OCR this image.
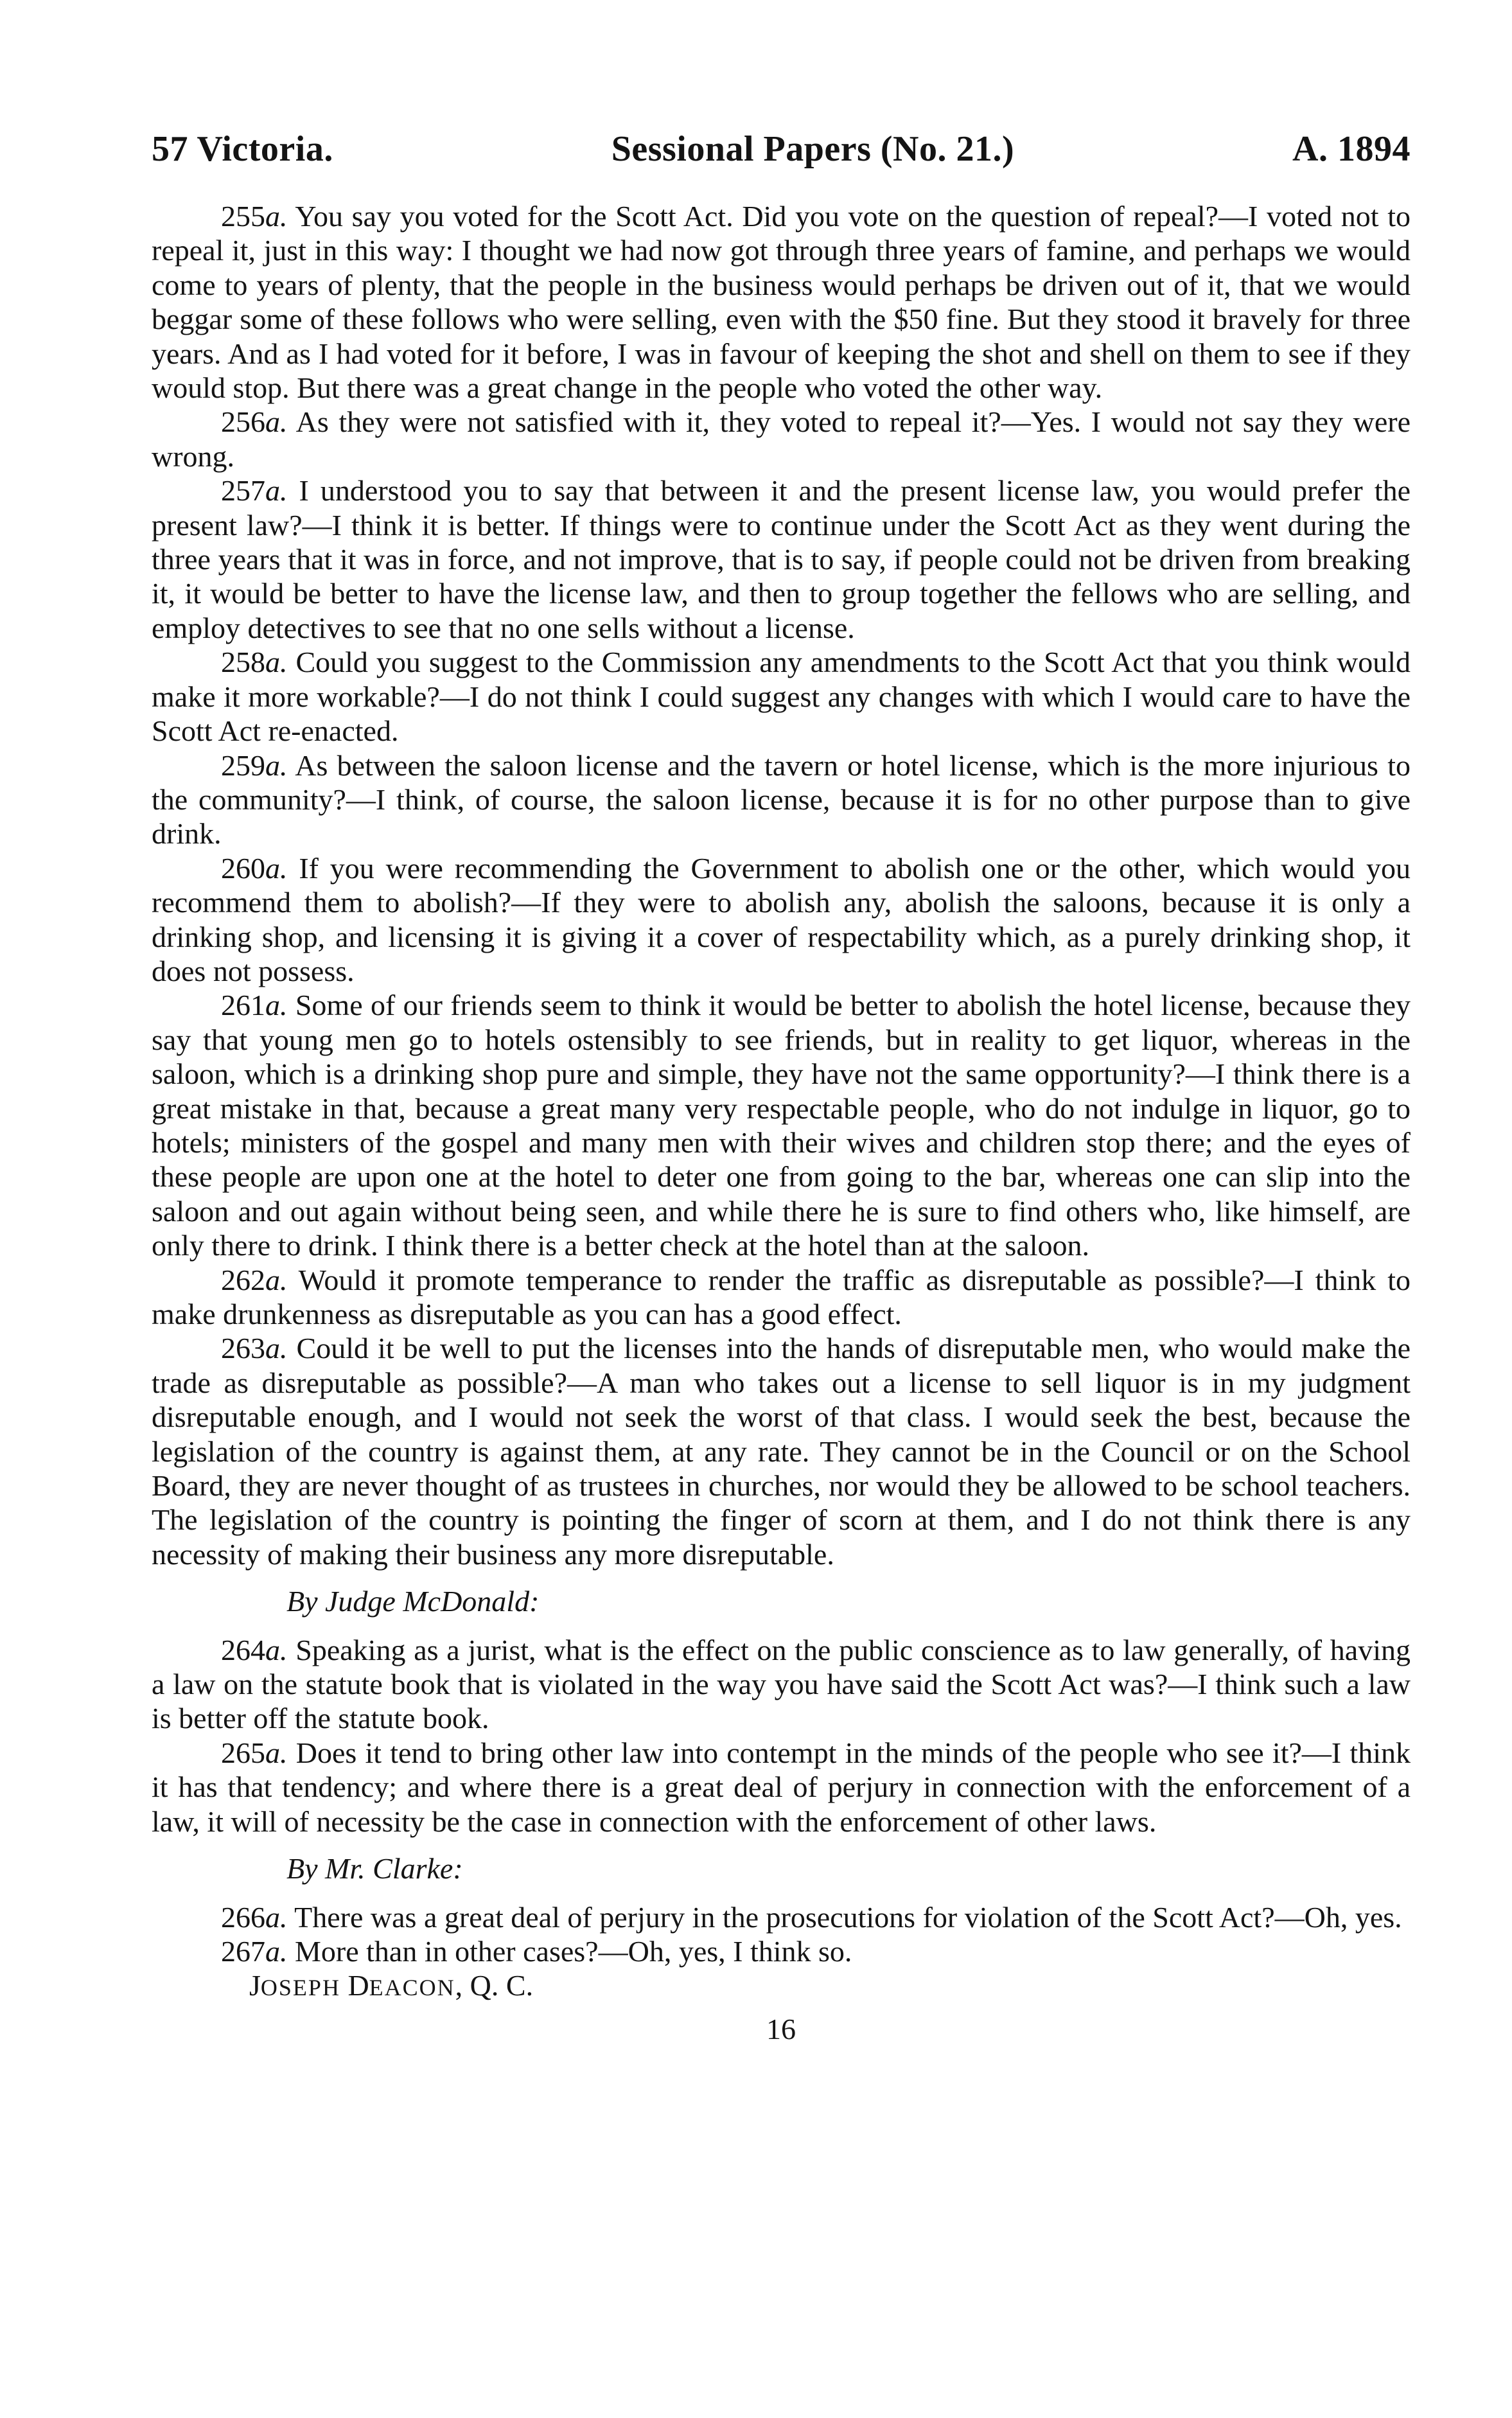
57 Victoria.	Sessional Papers (No. 21.)	A. 1894

255a. You say you voted for the Scott Act. Did you vote on the question of repeal?—I voted not to repeal it, just in this way: I thought we had now got through three years of famine, and perhaps we would come to years of plenty, that the people in the business would perhaps be driven out of it, that we would beggar some of these follows who were selling, even with the $50 fine. But they stood it bravely for three years. And as I had voted for it before, I was in favour of keeping the shot and shell on them to see if they would stop. But there was a great change in the people who voted the other way.

256a. As they were not satisfied with it, they voted to repeal it?—Yes. I would not say they were wrong.

257a. I understood you to say that between it and the present license law, you would prefer the present law?—I think it is better. If things were to continue under the Scott Act as they went during the three years that it was in force, and not improve, that is to say, if people could not be driven from breaking it, it would be better to have the license law, and then to group together the fellows who are selling, and employ detectives to see that no one sells without a license.

258a. Could you suggest to the Commission any amendments to the Scott Act that you think would make it more workable?—I do not think I could suggest any changes with which I would care to have the Scott Act re-enacted.

259a. As between the saloon license and the tavern or hotel license, which is the more injurious to the community?—I think, of course, the saloon license, because it is for no other purpose than to give drink.

260a. If you were recommending the Government to abolish one or the other, which would you recommend them to abolish?—If they were to abolish any, abolish the saloons, because it is only a drinking shop, and licensing it is giving it a cover of respectability which, as a purely drinking shop, it does not possess.

261a. Some of our friends seem to think it would be better to abolish the hotel license, because they say that young men go to hotels ostensibly to see friends, but in reality to get liquor, whereas in the saloon, which is a drinking shop pure and simple, they have not the same opportunity?—I think there is a great mistake in that, because a great many very respectable people, who do not indulge in liquor, go to hotels; ministers of the gospel and many men with their wives and children stop there; and the eyes of these people are upon one at the hotel to deter one from going to the bar, whereas one can slip into the saloon and out again without being seen, and while there he is sure to find others who, like himself, are only there to drink. I think there is a better check at the hotel than at the saloon.

262a. Would it promote temperance to render the traffic as disreputable as possible?—I think to make drunkenness as disreputable as you can has a good effect.

263a. Could it be well to put the licenses into the hands of disreputable men, who would make the trade as disreputable as possible?—A man who takes out a license to sell liquor is in my judgment disreputable enough, and I would not seek the worst of that class. I would seek the best, because the legislation of the country is against them, at any rate. They cannot be in the Council or on the School Board, they are never thought of as trustees in churches, nor would they be allowed to be school teachers. The legislation of the country is pointing the finger of scorn at them, and I do not think there is any necessity of making their business any more disreputable.

By Judge McDonald:

264a. Speaking as a jurist, what is the effect on the public conscience as to law generally, of having a law on the statute book that is violated in the way you have said the Scott Act was?—I think such a law is better off the statute book.

265a. Does it tend to bring other law into contempt in the minds of the people who see it?—I think it has that tendency; and where there is a great deal of perjury in connection with the enforcement of a law, it will of necessity be the case in connection with the enforcement of other laws.

By Mr. Clarke:

266a. There was a great deal of perjury in the prosecutions for violation of the Scott Act?—Oh, yes.

267a. More than in other cases?—Oh, yes, I think so.

JOSEPH DEACON, Q. C.
16
